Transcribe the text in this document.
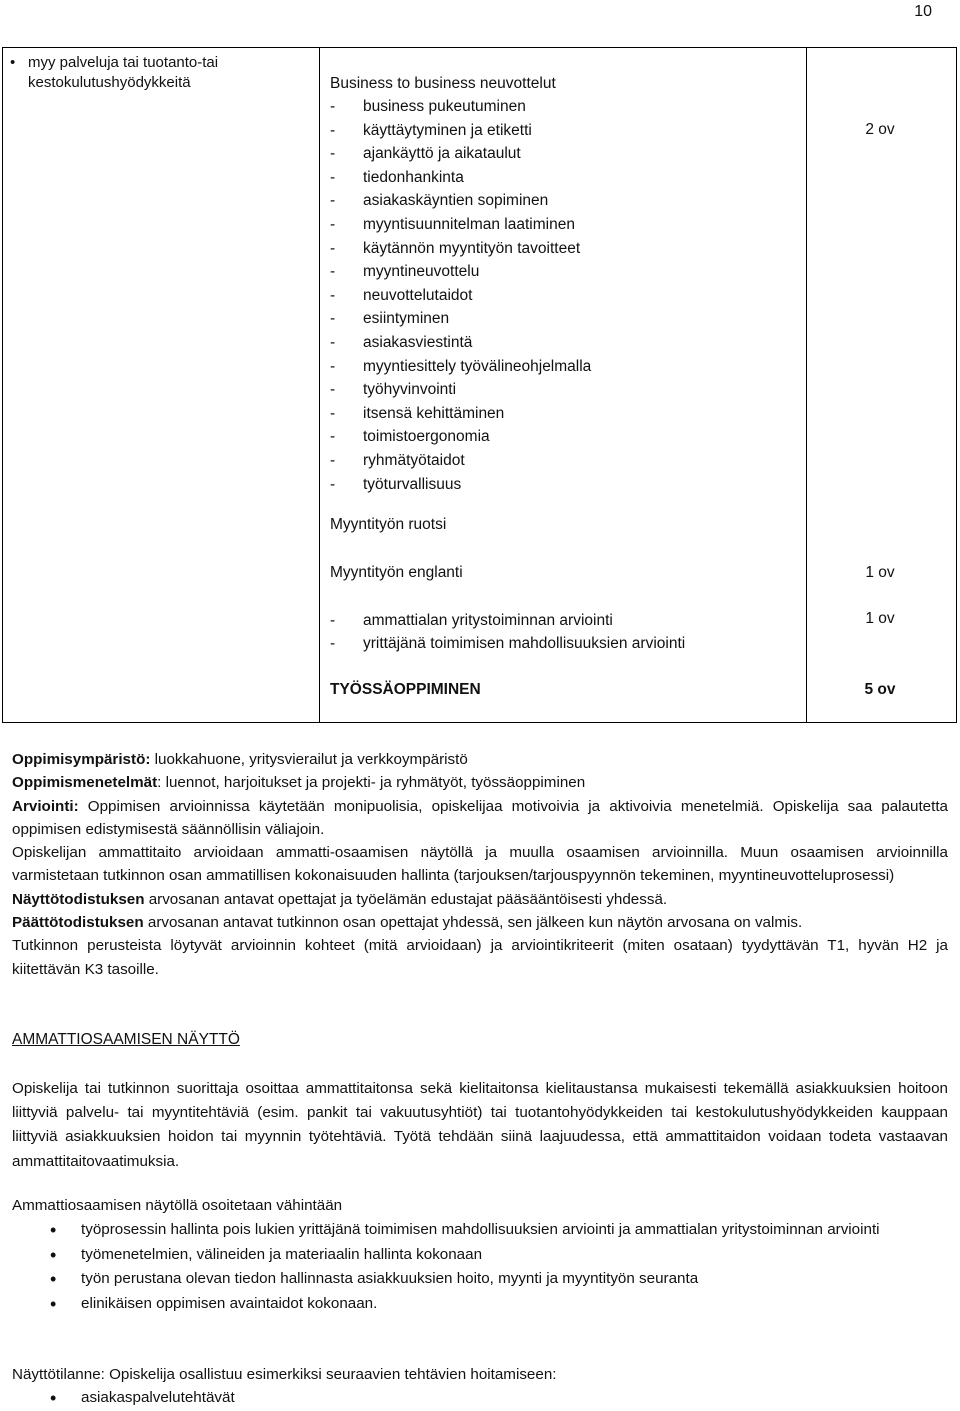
10
• myy palveluja tai tuotanto-tai kestokulutushyödykkeitä	Business to business neuvottelut
- business pukeutuminen
- käyttäytyminen ja etiketti
- ajankäyttö ja aikataulut
- tiedonhankinta
- asiakaskäyntien sopiminen
- myyntisuunnitelman laatiminen
- käytännön myyntityön tavoitteet
- myyntineuvottelu
- neuvottelutaidot
- esiintyminen
- asiakasviestintä
- myyntiesittely työvälineohjelmalla
- työhyvinvointi
- itsensä kehittäminen
- toimistoergonomia
- ryhmätyötaidot
- työturvallisuus
Myyntityön ruotsi
Myyntityön englanti
- ammattialan yritystoiminnan arviointi
- yrittäjänä toimimisen mahdollisuuksien arviointi
TYÖSSÄOPPIMINEN
2 ov
1 ov
1 ov
5 ov

Oppimisympäristö: luokkahuone, yritysvierailut ja verkkoympäristö

Oppimismenetelmät: luennot, harjoitukset ja projekti- ja ryhmätyöt, työssäoppiminen

Arviointi: Oppimisen arvioinnissa käytetään monipuolisia, opiskelijaa motivoivia ja aktivoivia menetelmiä. Opiskelija saa palautetta oppimisen edistymisestä säännöllisin väliajoin.

Opiskelijan ammattitaito arvioidaan ammatti-osaamisen näytöllä ja muulla osaamisen arvioinnilla. Muun osaamisen arvioinnilla varmistetaan tutkinnon osan ammatillisen kokonaisuuden hallinta (tarjouksen/tarjouspyynnön tekeminen, myyntineuvotteluprosessi)

Näyttötodistuksen arvosanan antavat opettajat ja työelämän edustajat pääsääntöisesti yhdessä.

Päättötodistuksen arvosanan antavat tutkinnon osan opettajat yhdessä, sen jälkeen kun näytön arvosana on valmis.

Tutkinnon perusteista löytyvät arvioinnin kohteet (mitä arvioidaan) ja arviointikriteerit (miten osataan) tyydyttävän T1, hyvän H2 ja kiitettävän K3 tasoille.

AMMATTIOSAAMISEN NÄYTTÖ
Opiskelija tai tutkinnon suorittaja osoittaa ammattitaitonsa sekä kielitaitonsa kielitaustansa mukaisesti tekemällä asiakkuuksien hoitoon liittyviä palvelu- tai myyntitehtäviä (esim. pankit tai vakuutusyhtiöt) tai tuotantohyödykkeiden tai kestokulutushyödykkeiden kauppaan liittyviä asiakkuuksien hoidon tai myynnin työtehtäviä. Työtä tehdään siinä laajuudessa, että ammattitaidon voidaan todeta vastaavan ammattitaitovaatimuksia.
Ammattiosaamisen näytöllä osoitetaan vähintään
• työprosessin hallinta pois lukien yrittäjänä toimimisen mahdollisuuksien arviointi ja ammattialan yritystoiminnan arviointi
• työmenetelmien, välineiden ja materiaalin hallinta kokonaan
• työn perustana olevan tiedon hallinnasta asiakkuuksien hoito, myynti ja myyntityön seuranta
• elinikäisen oppimisen avaintaidot kokonaan.
Näyttötilanne: Opiskelija osallistuu esimerkiksi seuraavien tehtävien hoitamiseen:
• asiakaspalvelutehtävät
